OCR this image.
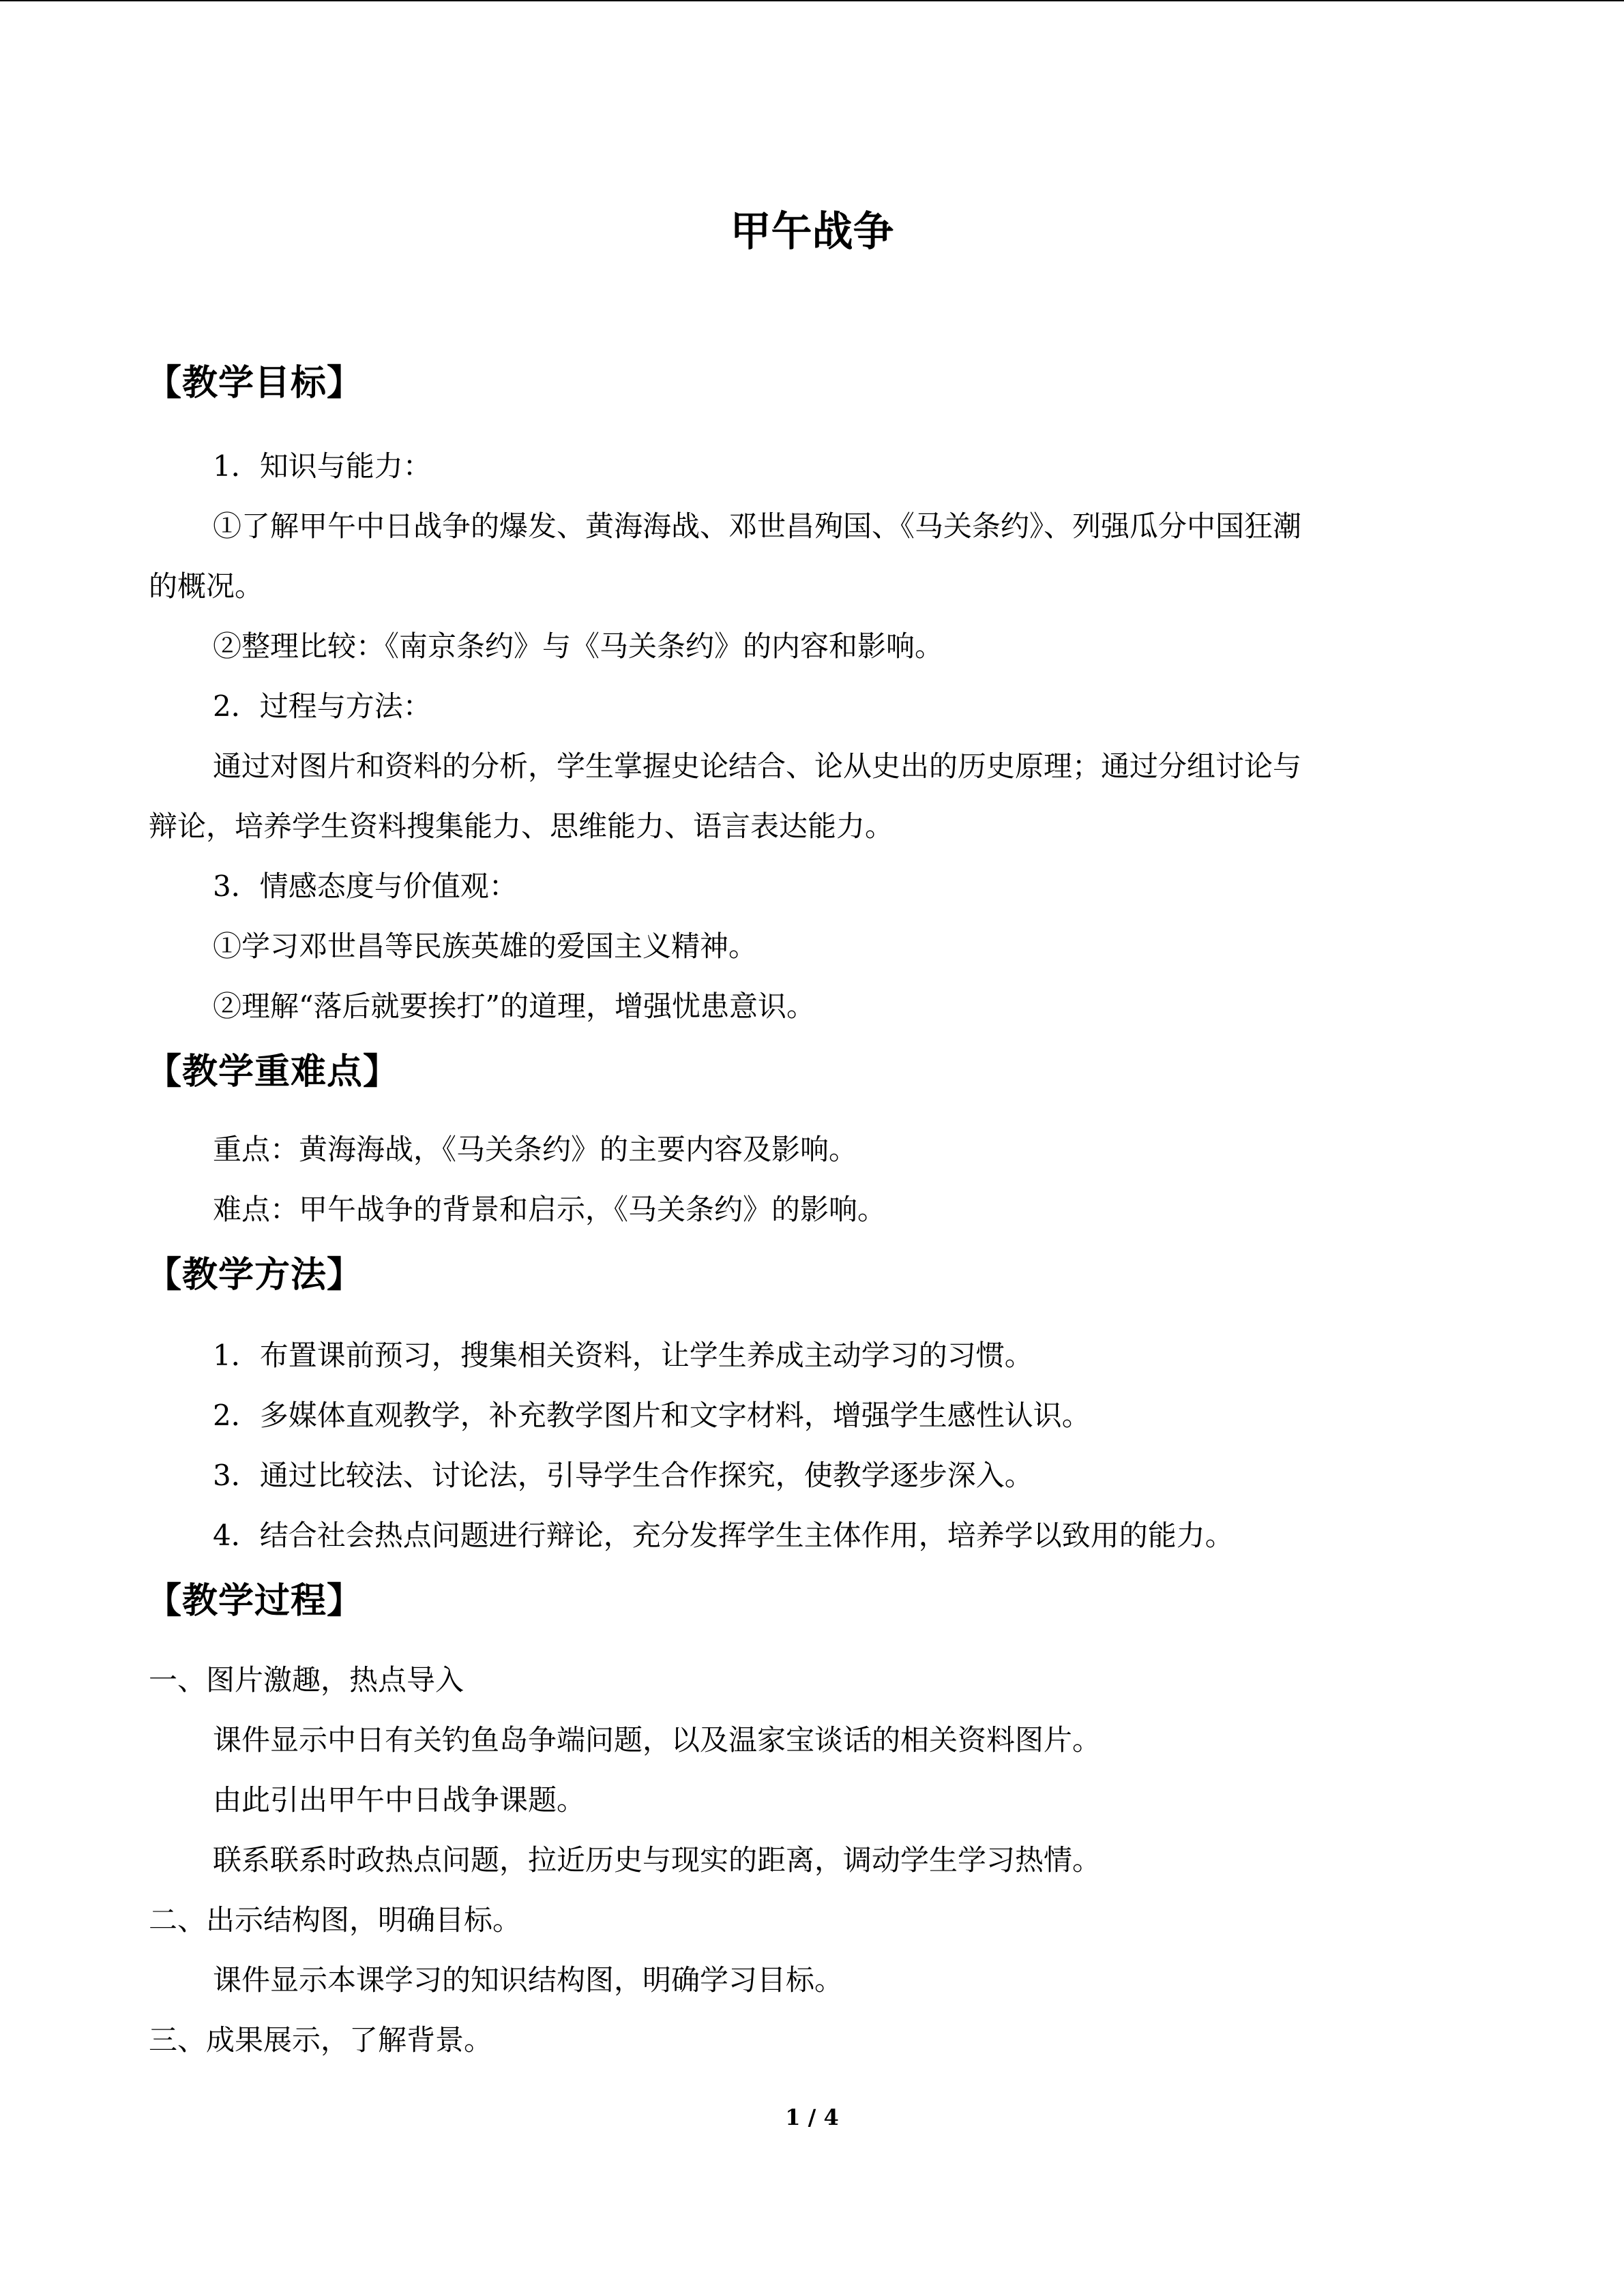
甲午战争
【教学目标】
1．知识与能力：
①了解甲午中日战争的爆发、黄海海战、邓世昌殉国、《马关条约》、列强瓜分中国狂潮
的概况。
②整理比较：《南京条约》与《马关条约》的内容和影响。
2．过程与方法：
通过对图片和资料的分析，学生掌握史论结合、论从史出的历史原理；通过分组讨论与
辩论，培养学生资料搜集能力、思维能力、语言表达能力。
3．情感态度与价值观：
①学习邓世昌等民族英雄的爱国主义精神。
②理解“落后就要挨打”的道理，增强忧患意识。
【教学重难点】
重点：黄海海战，《马关条约》的主要内容及影响。
难点：甲午战争的背景和启示，《马关条约》的影响。
【教学方法】
1．布置课前预习，搜集相关资料，让学生养成主动学习的习惯。
2．多媒体直观教学，补充教学图片和文字材料，增强学生感性认识。
3．通过比较法、讨论法，引导学生合作探究，使教学逐步深入。
4．结合社会热点问题进行辩论，充分发挥学生主体作用，培养学以致用的能力。
【教学过程】
一、图片激趣，热点导入
课件显示中日有关钓鱼岛争端问题，以及温家宝谈话的相关资料图片。
由此引出甲午中日战争课题。
联系联系时政热点问题，拉近历史与现实的距离，调动学生学习热情。
二、出示结构图，明确目标。
课件显示本课学习的知识结构图，明确学习目标。
三、成果展示，了解背景。
1 / 4
